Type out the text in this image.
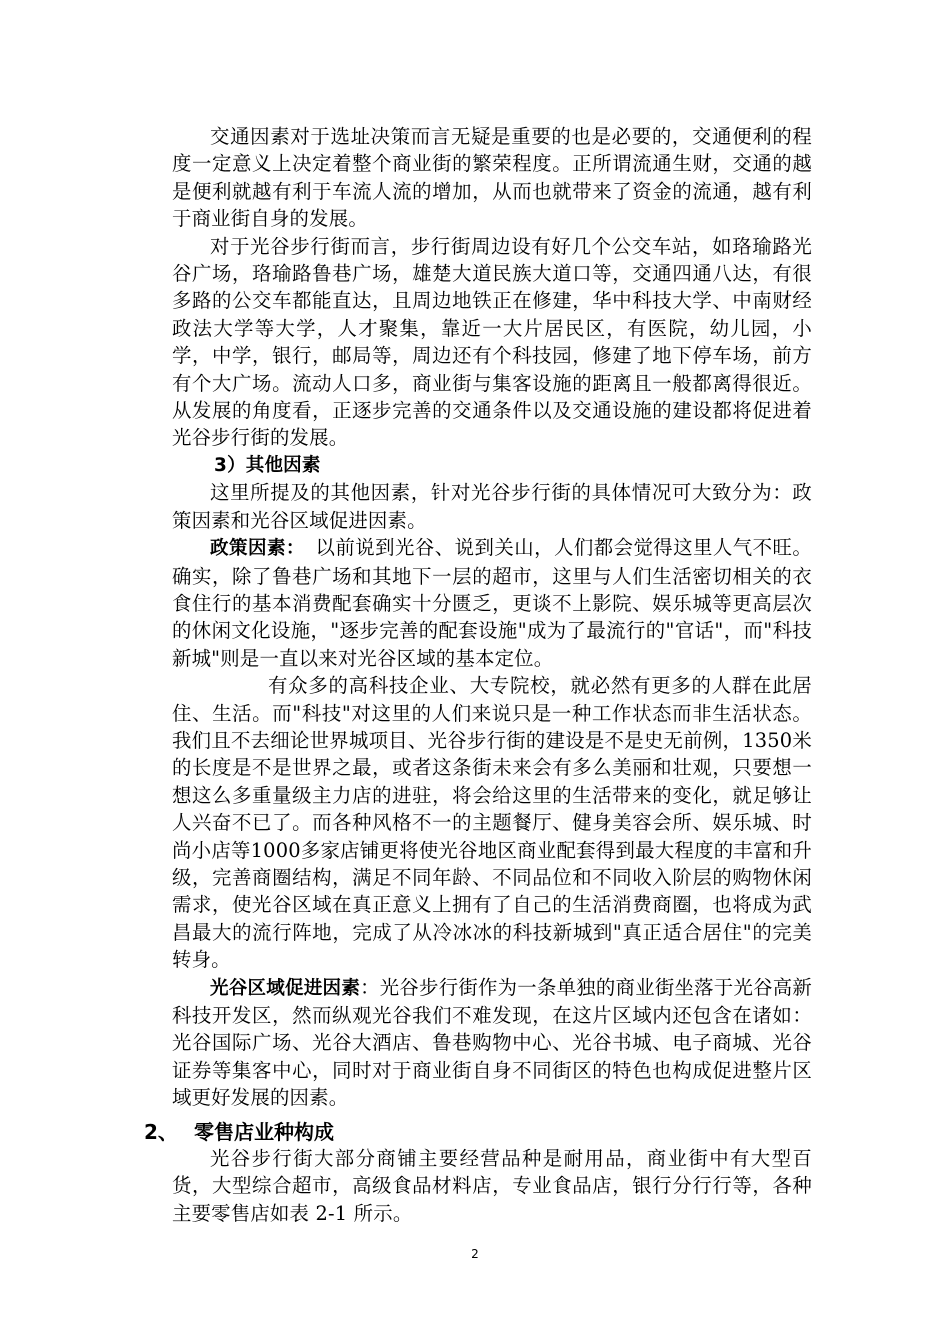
交通因素对于选址决策而言无疑是重要的也是必要的，交通便利的程度一定意义上决定着整个商业街的繁荣程度。正所谓流通生财，交通的越是便利就越有利于车流人流的增加，从而也就带来了资金的流通，越有利于商业街自身的发展。

对于光谷步行街而言，步行街周边设有好几个公交车站，如珞瑜路光谷广场，珞瑜路鲁巷广场，雄楚大道民族大道口等，交通四通八达，有很多路的公交车都能直达，且周边地铁正在修建，华中科技大学、中南财经政法大学等大学，人才聚集，靠近一大片居民区，有医院，幼儿园，小学，中学，银行，邮局等，周边还有个科技园，修建了地下停车场，前方有个大广场。流动人口多，商业街与集客设施的距离且一般都离得很近。从发展的角度看，正逐步完善的交通条件以及交通设施的建设都将促进着光谷步行街的发展。

3）其他因素

这里所提及的其他因素，针对光谷步行街的具体情况可大致分为：政策因素和光谷区域促进因素。

政策因素：　以前说到光谷、说到关山，人们都会觉得这里人气不旺。确实，除了鲁巷广场和其地下一层的超市，这里与人们生活密切相关的衣食住行的基本消费配套确实十分匮乏，更谈不上影院、娱乐城等更高层次的休闲文化设施，"逐步完善的配套设施"成为了最流行的"官话"，而"科技新城"则是一直以来对光谷区域的基本定位。

有众多的高科技企业、大专院校，就必然有更多的人群在此居住、生活。而"科技"对这里的人们来说只是一种工作状态而非生活状态。我们且不去细论世界城项目、光谷步行街的建设是不是史无前例，1350米的长度是不是世界之最，或者这条街未来会有多么美丽和壮观，只要想一想这么多重量级主力店的进驻，将会给这里的生活带来的变化，就足够让人兴奋不已了。而各种风格不一的主题餐厅、健身美容会所、娱乐城、时尚小店等1000多家店铺更将使光谷地区商业配套得到最大程度的丰富和升级，完善商圈结构，满足不同年龄、不同品位和不同收入阶层的购物休闲需求，使光谷区域在真正意义上拥有了自己的生活消费商圈，也将成为武昌最大的流行阵地，完成了从冷冰冰的科技新城到"真正适合居住"的完美转身。

光谷区域促进因素：光谷步行街作为一条单独的商业街坐落于光谷高新科技开发区，然而纵观光谷我们不难发现，在这片区域内还包含在诸如：光谷国际广场、光谷大酒店、鲁巷购物中心、光谷书城、电子商城、光谷证券等集客中心，同时对于商业街自身不同街区的特色也构成促进整片区域更好发展的因素。

2、 零售店业种构成

光谷步行街大部分商铺主要经营品种是耐用品，商业街中有大型百货，大型综合超市，高级食品材料店，专业食品店，银行分行行等，各种主要零售店如表 2-1 所示。

2
